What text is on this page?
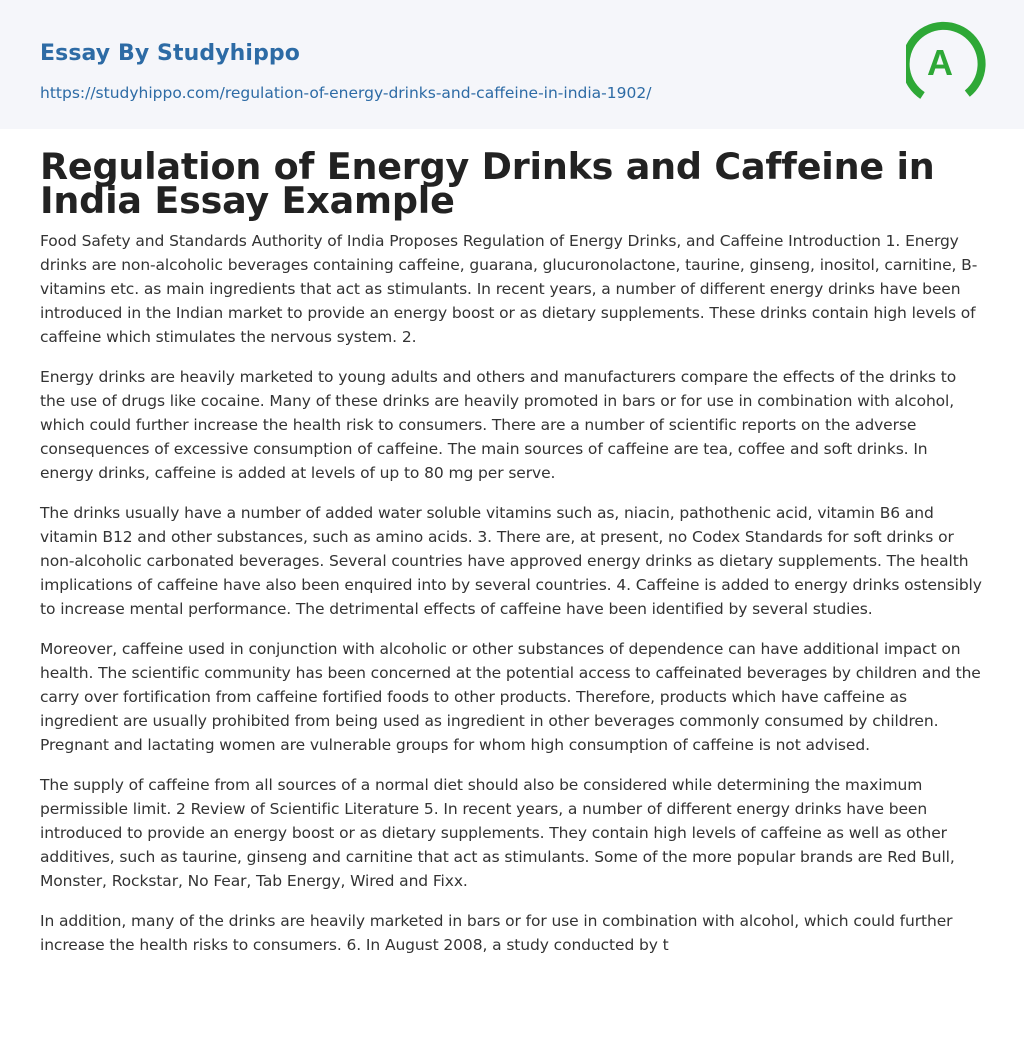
Essay By Studyhippo
https://studyhippo.com/regulation-of-energy-drinks-and-caffeine-in-india-1902/
A
Regulation of Energy Drinks and Caffeine in India Essay Example

Food Safety and Standards Authority of India Proposes Regulation of Energy Drinks, and Caffeine Introduction 1. Energy drinks are non-alcoholic beverages containing caffeine, guarana, glucuronolactone, taurine, ginseng, inositol, carnitine, B-vitamins etc. as main ingredients that act as stimulants. In recent years, a number of different energy drinks have been introduced in the Indian market to provide an energy boost or as dietary supplements. These drinks contain high levels of caffeine which stimulates the nervous system. 2.

Energy drinks are heavily marketed to young adults and others and manufacturers compare the effects of the drinks to the use of drugs like cocaine. Many of these drinks are heavily promoted in bars or for use in combination with alcohol, which could further increase the health risk to consumers. There are a number of scientific reports on the adverse consequences of excessive consumption of caffeine. The main sources of caffeine are tea, coffee and soft drinks. In energy drinks, caffeine is added at levels of up to 80 mg per serve.

The drinks usually have a number of added water soluble vitamins such as, niacin, pathothenic acid, vitamin B6 and vitamin B12 and other substances, such as amino acids. 3. There are, at present, no Codex Standards for soft drinks or non-alcoholic carbonated beverages. Several countries have approved energy drinks as dietary supplements. The health implications of caffeine have also been enquired into by several countries. 4. Caffeine is added to energy drinks ostensibly to increase mental performance. The detrimental effects of caffeine have been identified by several studies.

Moreover, caffeine used in conjunction with alcoholic or other substances of dependence can have additional impact on health. The scientific community has been concerned at the potential access to caffeinated beverages by children and the carry over fortification from caffeine fortified foods to other products. Therefore, products which have caffeine as ingredient are usually prohibited from being used as ingredient in other beverages commonly consumed by children. Pregnant and lactating women are vulnerable groups for whom high consumption of caffeine is not advised.

The supply of caffeine from all sources of a normal diet should also be considered while determining the maximum permissible limit. 2 Review of Scientific Literature 5. In recent years, a number of different energy drinks have been introduced to provide an energy boost or as dietary supplements. They contain high levels of caffeine as well as other additives, such as taurine, ginseng and carnitine that act as stimulants. Some of the more popular brands are Red Bull, Monster, Rockstar, No Fear, Tab Energy, Wired and Fixx.

In addition, many of the drinks are heavily marketed in bars or for use in combination with alcohol, which could further increase the health risks to consumers. 6. In August 2008, a study conducted by t
